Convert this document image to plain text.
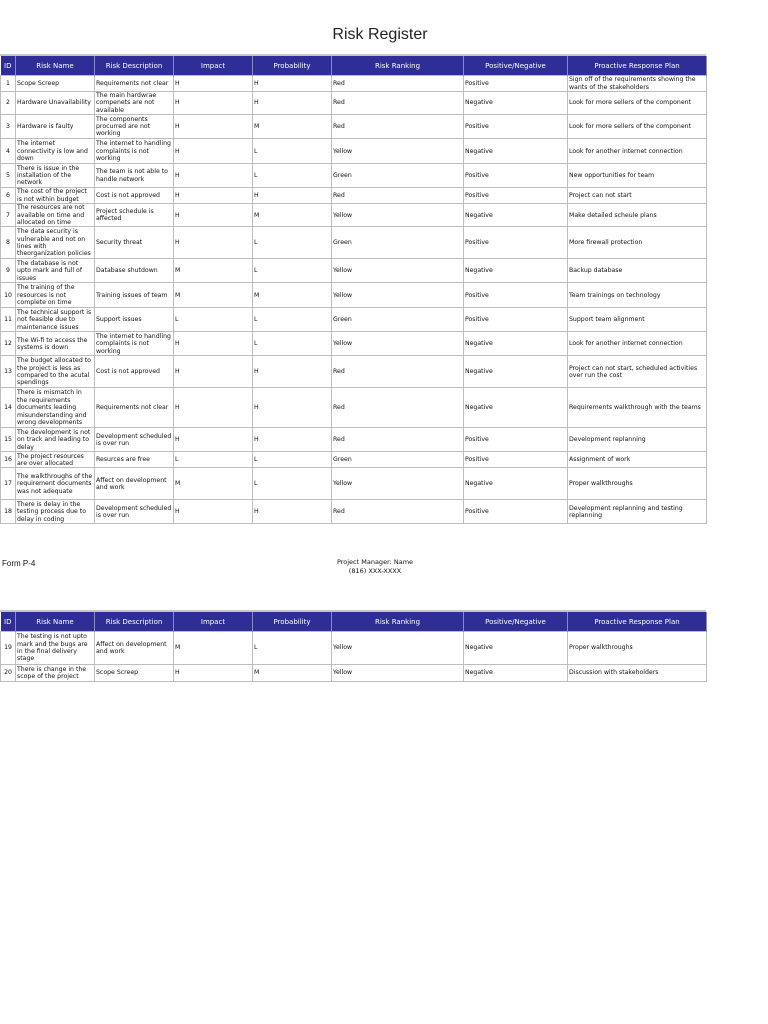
Risk Register
ID	Risk Name	Risk Description	Impact	Probability	Risk Ranking	Positive/Negative	Proactive Response Plan
1	Scope Screep	Requirements not clear	H	H	Red	Positive	Sign off of the requirements showing the wants of the stakeholders
2	Hardware Unavailability	The main hardwrae compenets are not available	H	H	Red	Negative	Look for more sellers of the component
3	Hardware is faulty	The components procurred are not working	H	M	Red	Positive	Look for more sellers of the component
4	The internet connectivity is low and down	The internet to handling complaints is not working	H	L	Yellow	Negative	Look for another internet connection
5	There is issue in the installation of the network	The team is not able to handle network	H	L	Green	Positive	New opportunities for team
6	The cost of the project is not within budget	Cost is not approved	H	H	Red	Positive	Project can not start
7	The resources are not available on time and allocated on time	Project schedule is affected	H	M	Yellow	Negative	Make detailed scheule plans
8	The data security is vulnerable and not on lines with theorganization policies	Security threat	H	L	Green	Positive	More firewall protection
9	The database is not upto mark and full of issues	Database shutdown	M	L	Yellow	Negative	Backup database
10	The training of the resources is not complete on time	Training issues of team	M	M	Yellow	Positive	Team trainings on technology
11	The technical support is not feasible due to maintenance issues	Support issues	L	L	Green	Positive	Support team alignment
12	The Wi-fi to access the systems is down	The internet to handling complaints is not working	H	L	Yellow	Negative	Look for another internet connection
13	The budget allocated to the project is less as compared to the acutal spendings	Cost is not approved	H	H	Red	Negative	Project can not start, scheduled activities over run the cost
14	There is mismatch in the requirements documents leading misunderstanding and wrong developments	Requirements not clear	H	H	Red	Negative	Requirements walkthrough with the teams
15	The development is not on track and leading to delay	Development scheduled is over run	H	H	Red	Positive	Development replanning
16	The project resources are over allocated	Resurces are free	L	L	Green	Positive	Assignment of work
17	The walkthroughs of the requirement documents was not adequate	Affect on development and work	M	L	Yellow	Negative	Proper walkthroughs
18	There is delay in the testing process due to delay in coding	Development scheduled is over run	H	H	Red	Positive	Development replanning and testing replanning
Form P-4	Project Manager: Name
(816) XXX-XXXX
ID	Risk Name	Risk Description	Impact	Probability	Risk Ranking	Positive/Negative	Proactive Response Plan
19	The testing is not upto mark and the bugs are in the final delivery stage	Affect on development and work	M	L	Yellow	Negative	Proper walkthroughs
20	There is change in the scope of the project	Scope Screep	H	M	Yellow	Negative	Discussion with stakeholders
